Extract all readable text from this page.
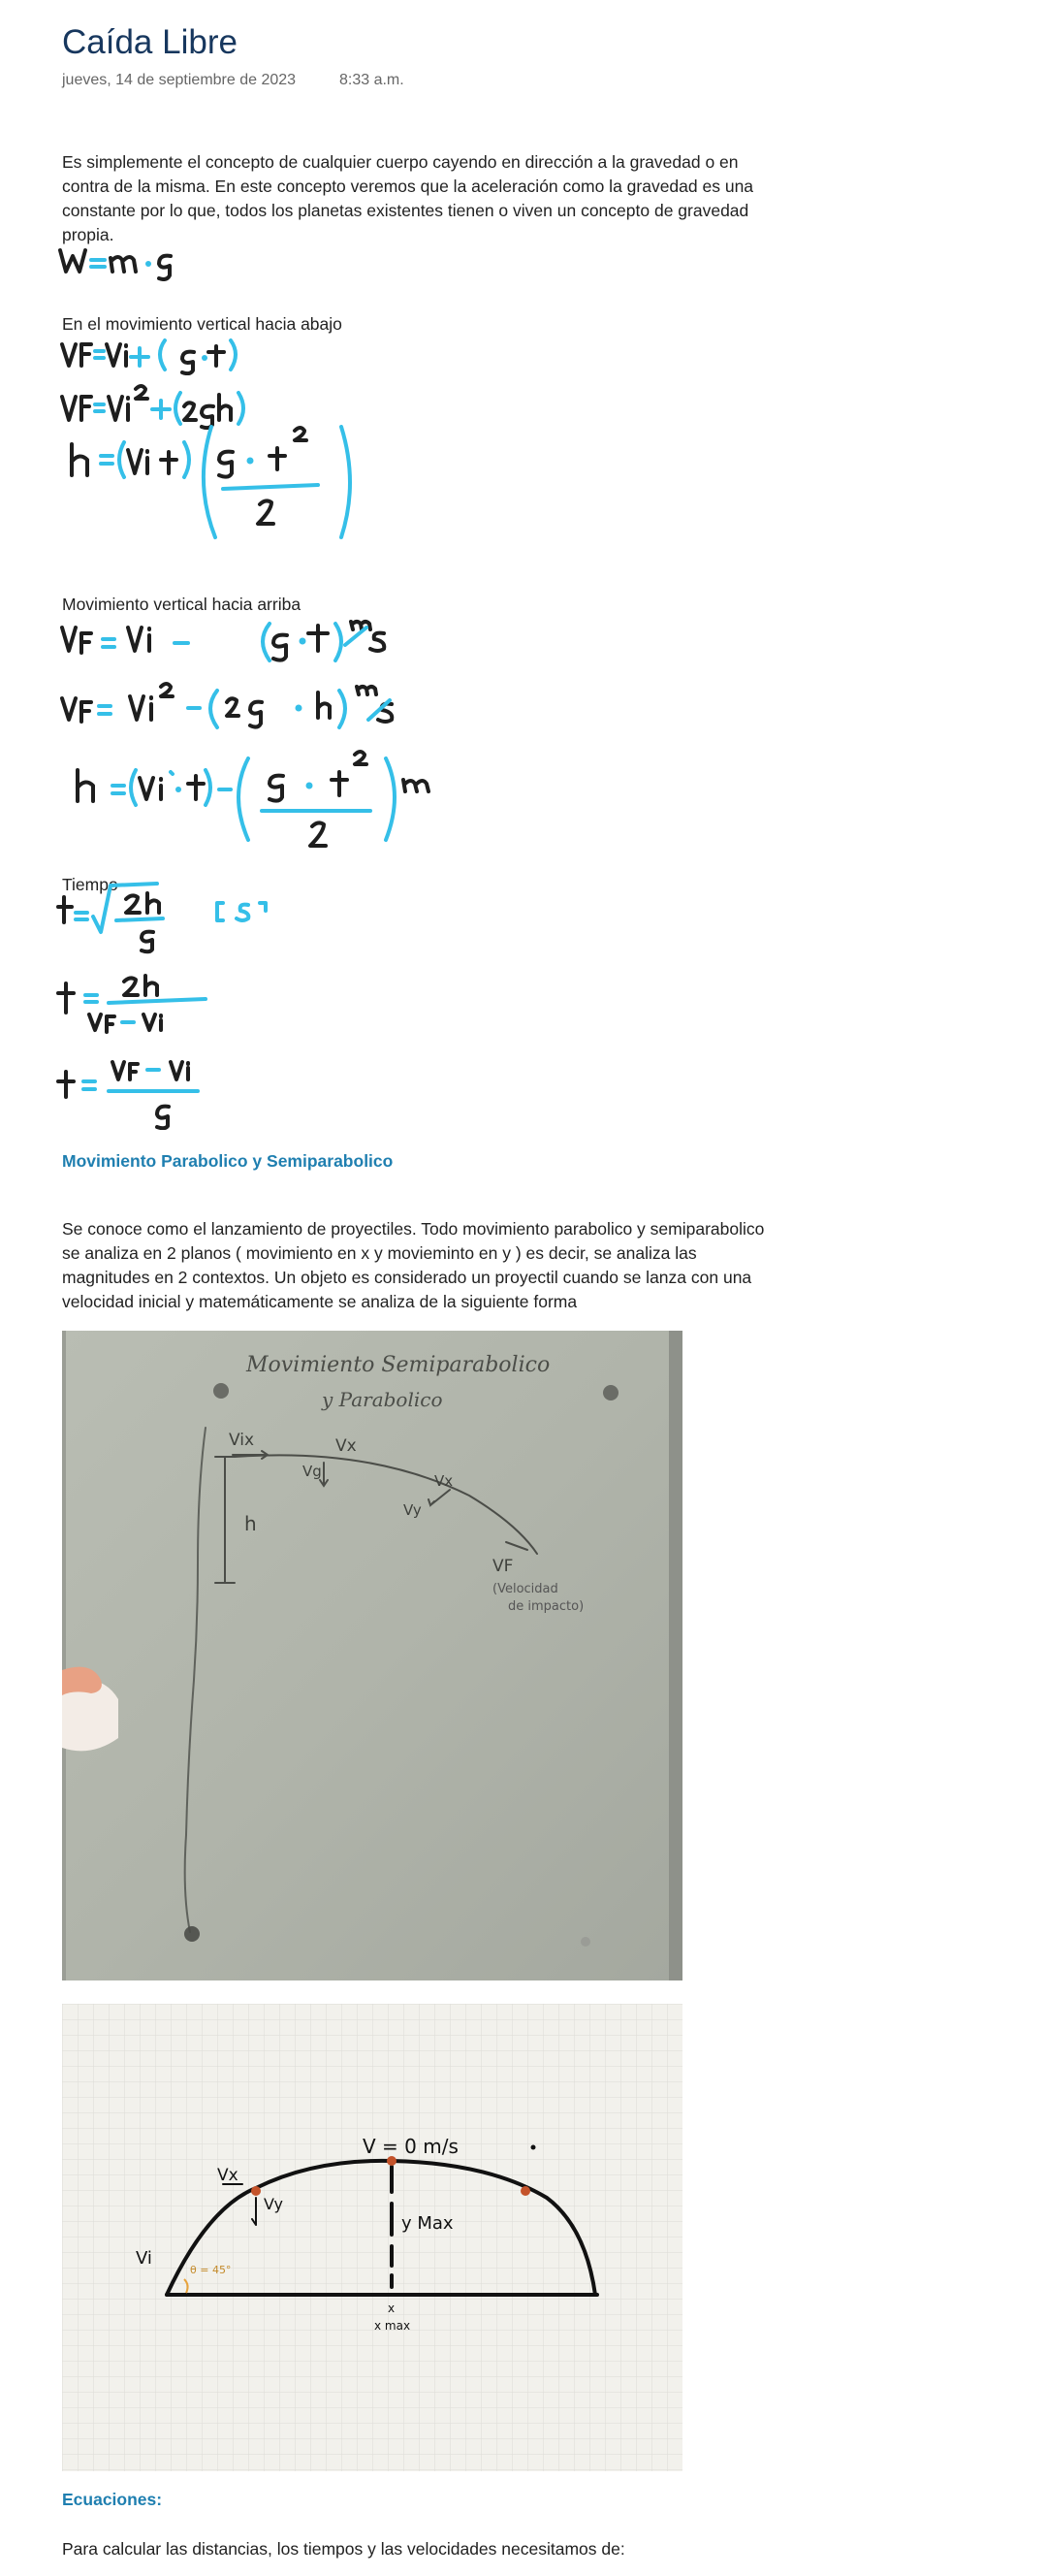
Caída Libre
jueves, 14 de septiembre de 2023	8:33 a.m.
Es simplemente el concepto de cualquier cuerpo cayendo en dirección a la gravedad o en contra de la misma. En este concepto veremos que la aceleración como la gravedad es una constante por lo que, todos los planetas existentes tienen o viven un concepto de gravedad propia.
En el movimiento vertical hacia abajo
Movimiento vertical hacia arriba
Tiempo
Movimiento Parabolico y Semiparabolico
Se conoce como el lanzamiento de proyectiles. Todo movimiento parabolico y semiparabolico se analiza en 2 planos ( movimiento en x y movieminto en y ) es decir, se analiza las magnitudes en 2 contextos. Un objeto es considerado un proyectil cuando se lanza con una velocidad inicial y matemáticamente se analiza de la siguiente forma
Movimiento Semiparabolico
y Parabolico
Vix	Vx
Vg
Vx
Vy
h
VF
(Velocidad
de impacto)
V = 0 m/s
Vx
Vy
y Max
Vi
θ = 45°
x
x max
Ecuaciones:
Para calcular las distancias, los tiempos y las velocidades necesitamos de:
